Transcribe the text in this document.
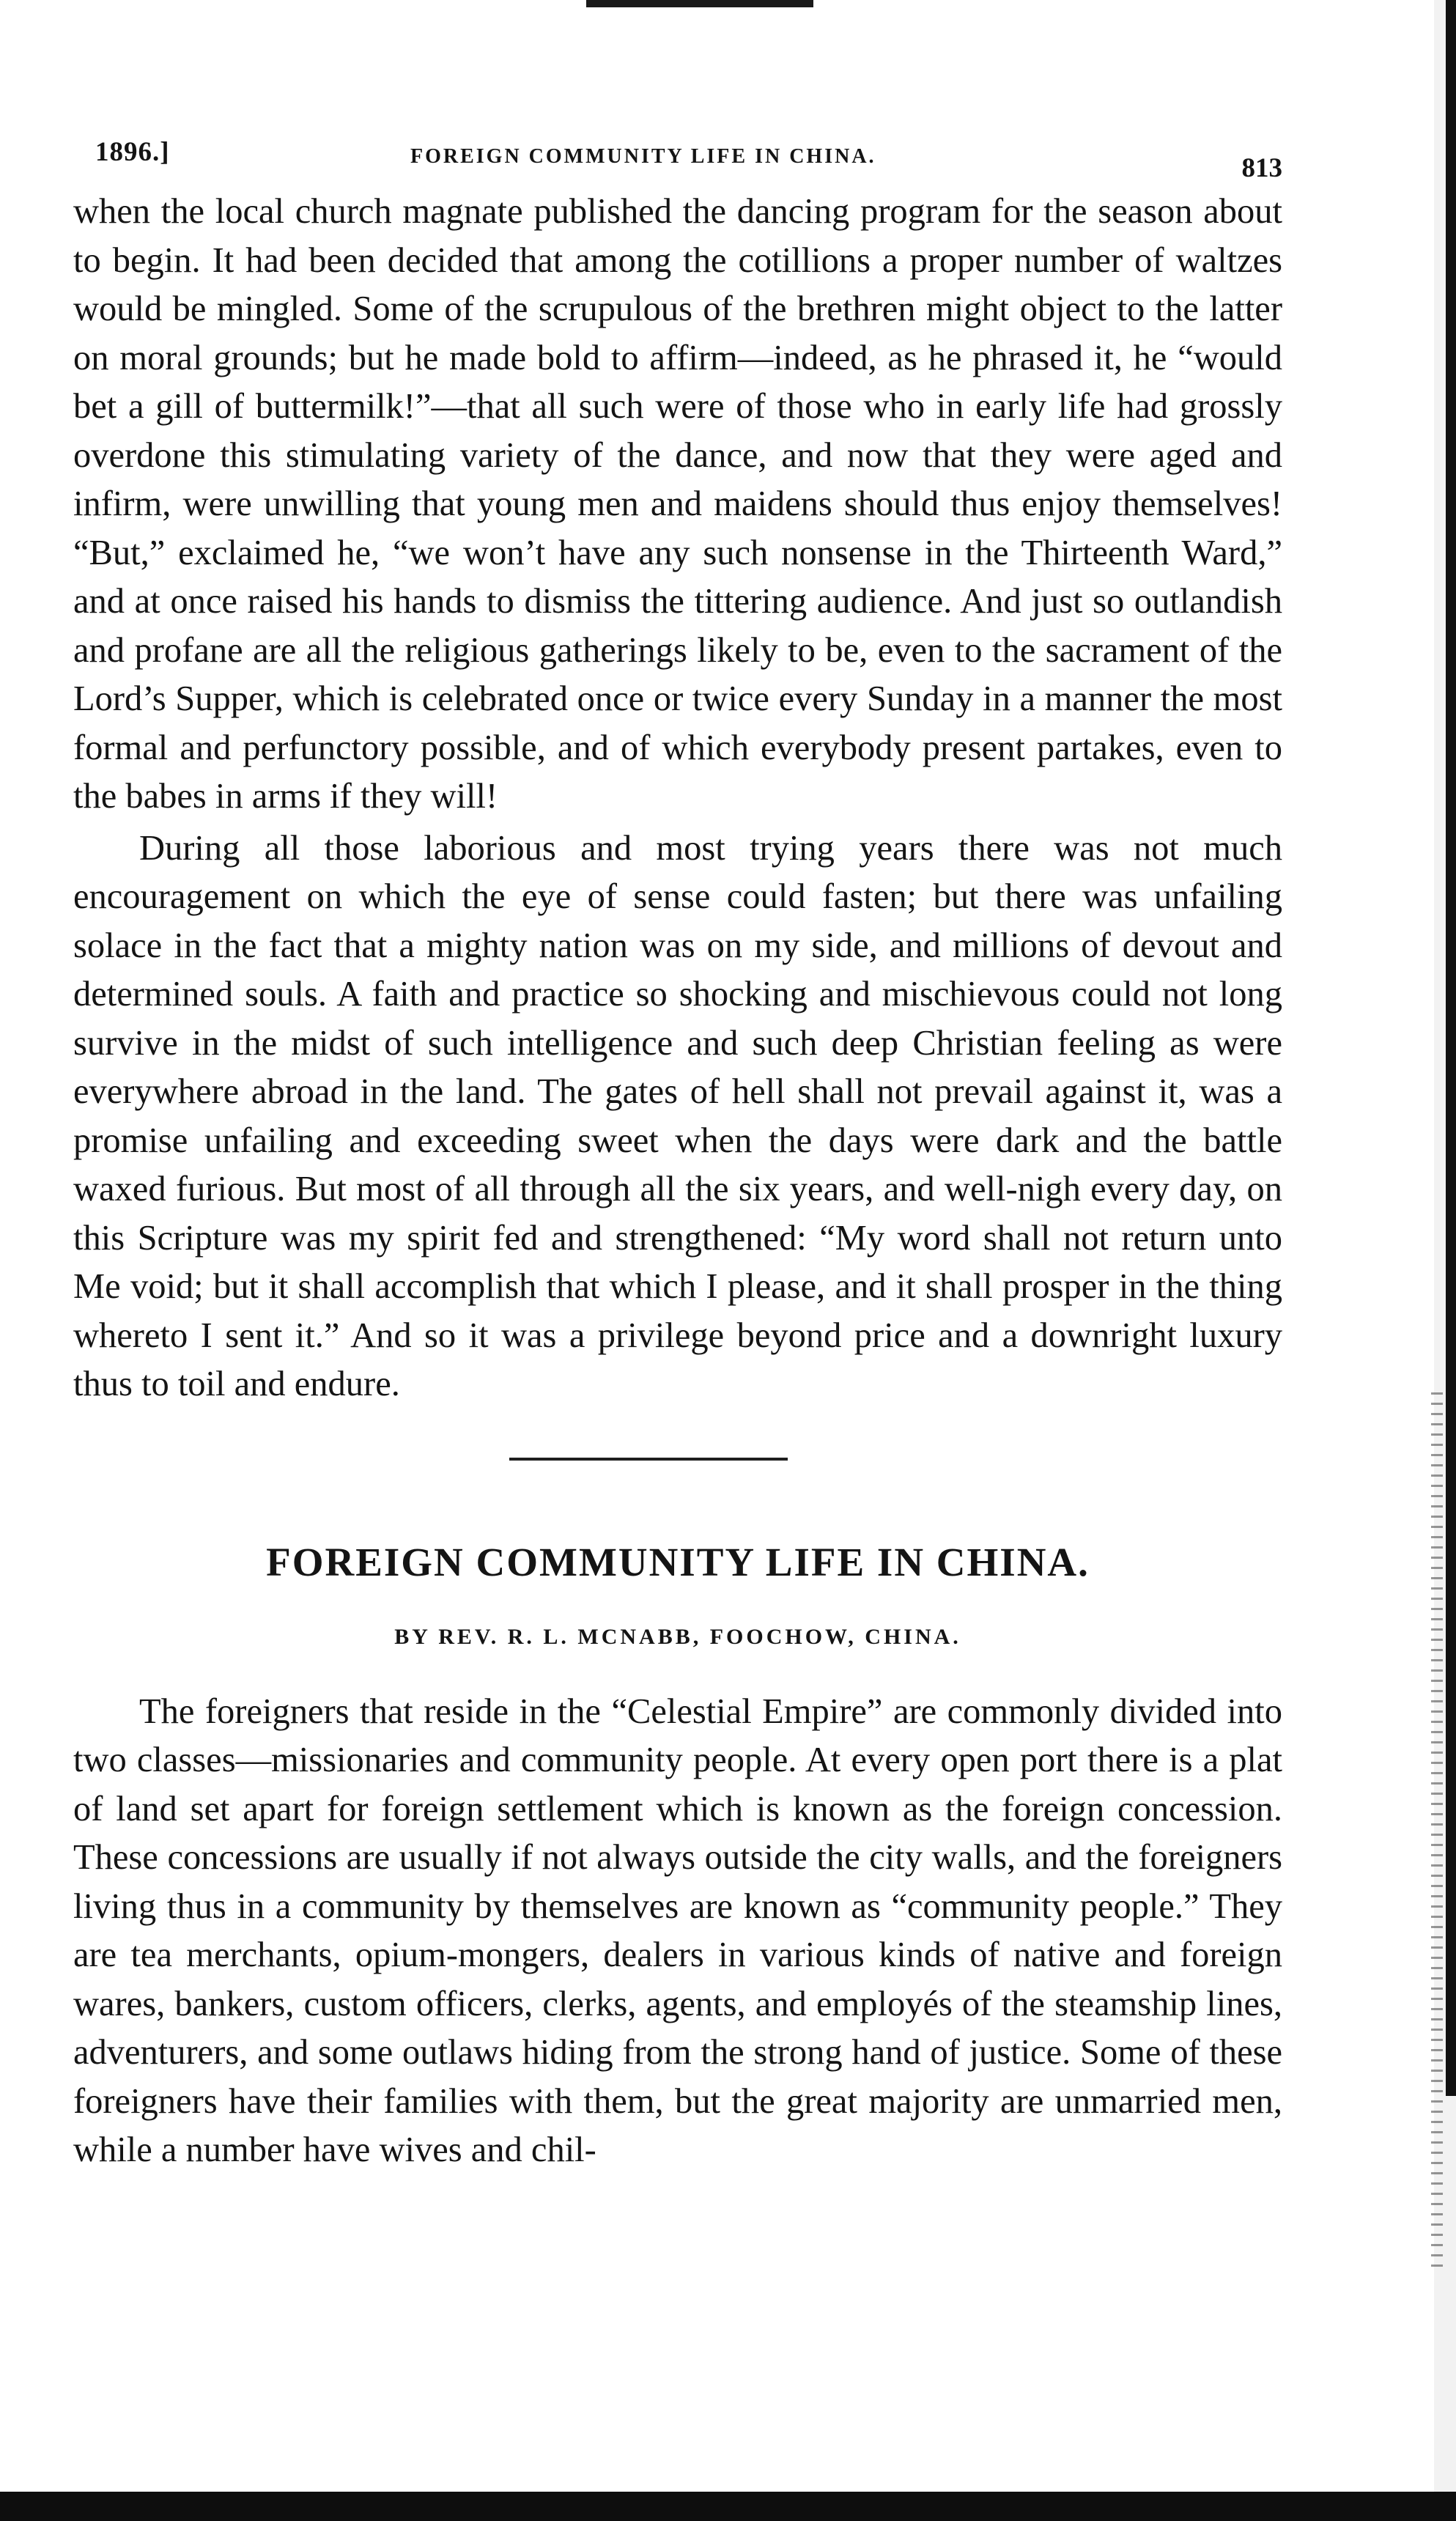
1896.]	FOREIGN COMMUNITY LIFE IN CHINA.	813

when the local church magnate published the dancing program for the season about to begin. It had been decided that among the cotillions a proper number of waltzes would be mingled. Some of the scrupulous of the brethren might object to the latter on moral grounds; but he made bold to affirm—indeed, as he phrased it, he “would bet a gill of buttermilk!”—that all such were of those who in early life had grossly overdone this stimulating variety of the dance, and now that they were aged and infirm, were unwilling that young men and maidens should thus enjoy themselves! “But,” exclaimed he, “we won’t have any such nonsense in the Thirteenth Ward,” and at once raised his hands to dismiss the tittering audience. And just so outlandish and profane are all the religious gatherings likely to be, even to the sacrament of the Lord’s Supper, which is celebrated once or twice every Sunday in a manner the most formal and perfunctory possible, and of which everybody present partakes, even to the babes in arms if they will!

During all those laborious and most trying years there was not much encouragement on which the eye of sense could fasten; but there was unfailing solace in the fact that a mighty nation was on my side, and millions of devout and determined souls. A faith and practice so shocking and mischievous could not long survive in the midst of such intelligence and such deep Christian feeling as were everywhere abroad in the land. The gates of hell shall not prevail against it, was a promise unfailing and exceeding sweet when the days were dark and the battle waxed furious. But most of all through all the six years, and well-nigh every day, on this Scripture was my spirit fed and strengthened: “My word shall not return unto Me void; but it shall accomplish that which I please, and it shall prosper in the thing whereto I sent it.” And so it was a privilege beyond price and a downright luxury thus to toil and endure.

FOREIGN COMMUNITY LIFE IN CHINA.
BY REV. R. L. MCNABB, FOOCHOW, CHINA.

The foreigners that reside in the “Celestial Empire” are commonly divided into two classes—missionaries and community people. At every open port there is a plat of land set apart for foreign settlement which is known as the foreign concession. These concessions are usually if not always outside the city walls, and the foreigners living thus in a community by themselves are known as “community people.” They are tea merchants, opium-mongers, dealers in various kinds of native and foreign wares, bankers, custom officers, clerks, agents, and employés of the steamship lines, adventurers, and some outlaws hiding from the strong hand of justice. Some of these foreigners have their families with them, but the great majority are unmarried men, while a number have wives and chil-
